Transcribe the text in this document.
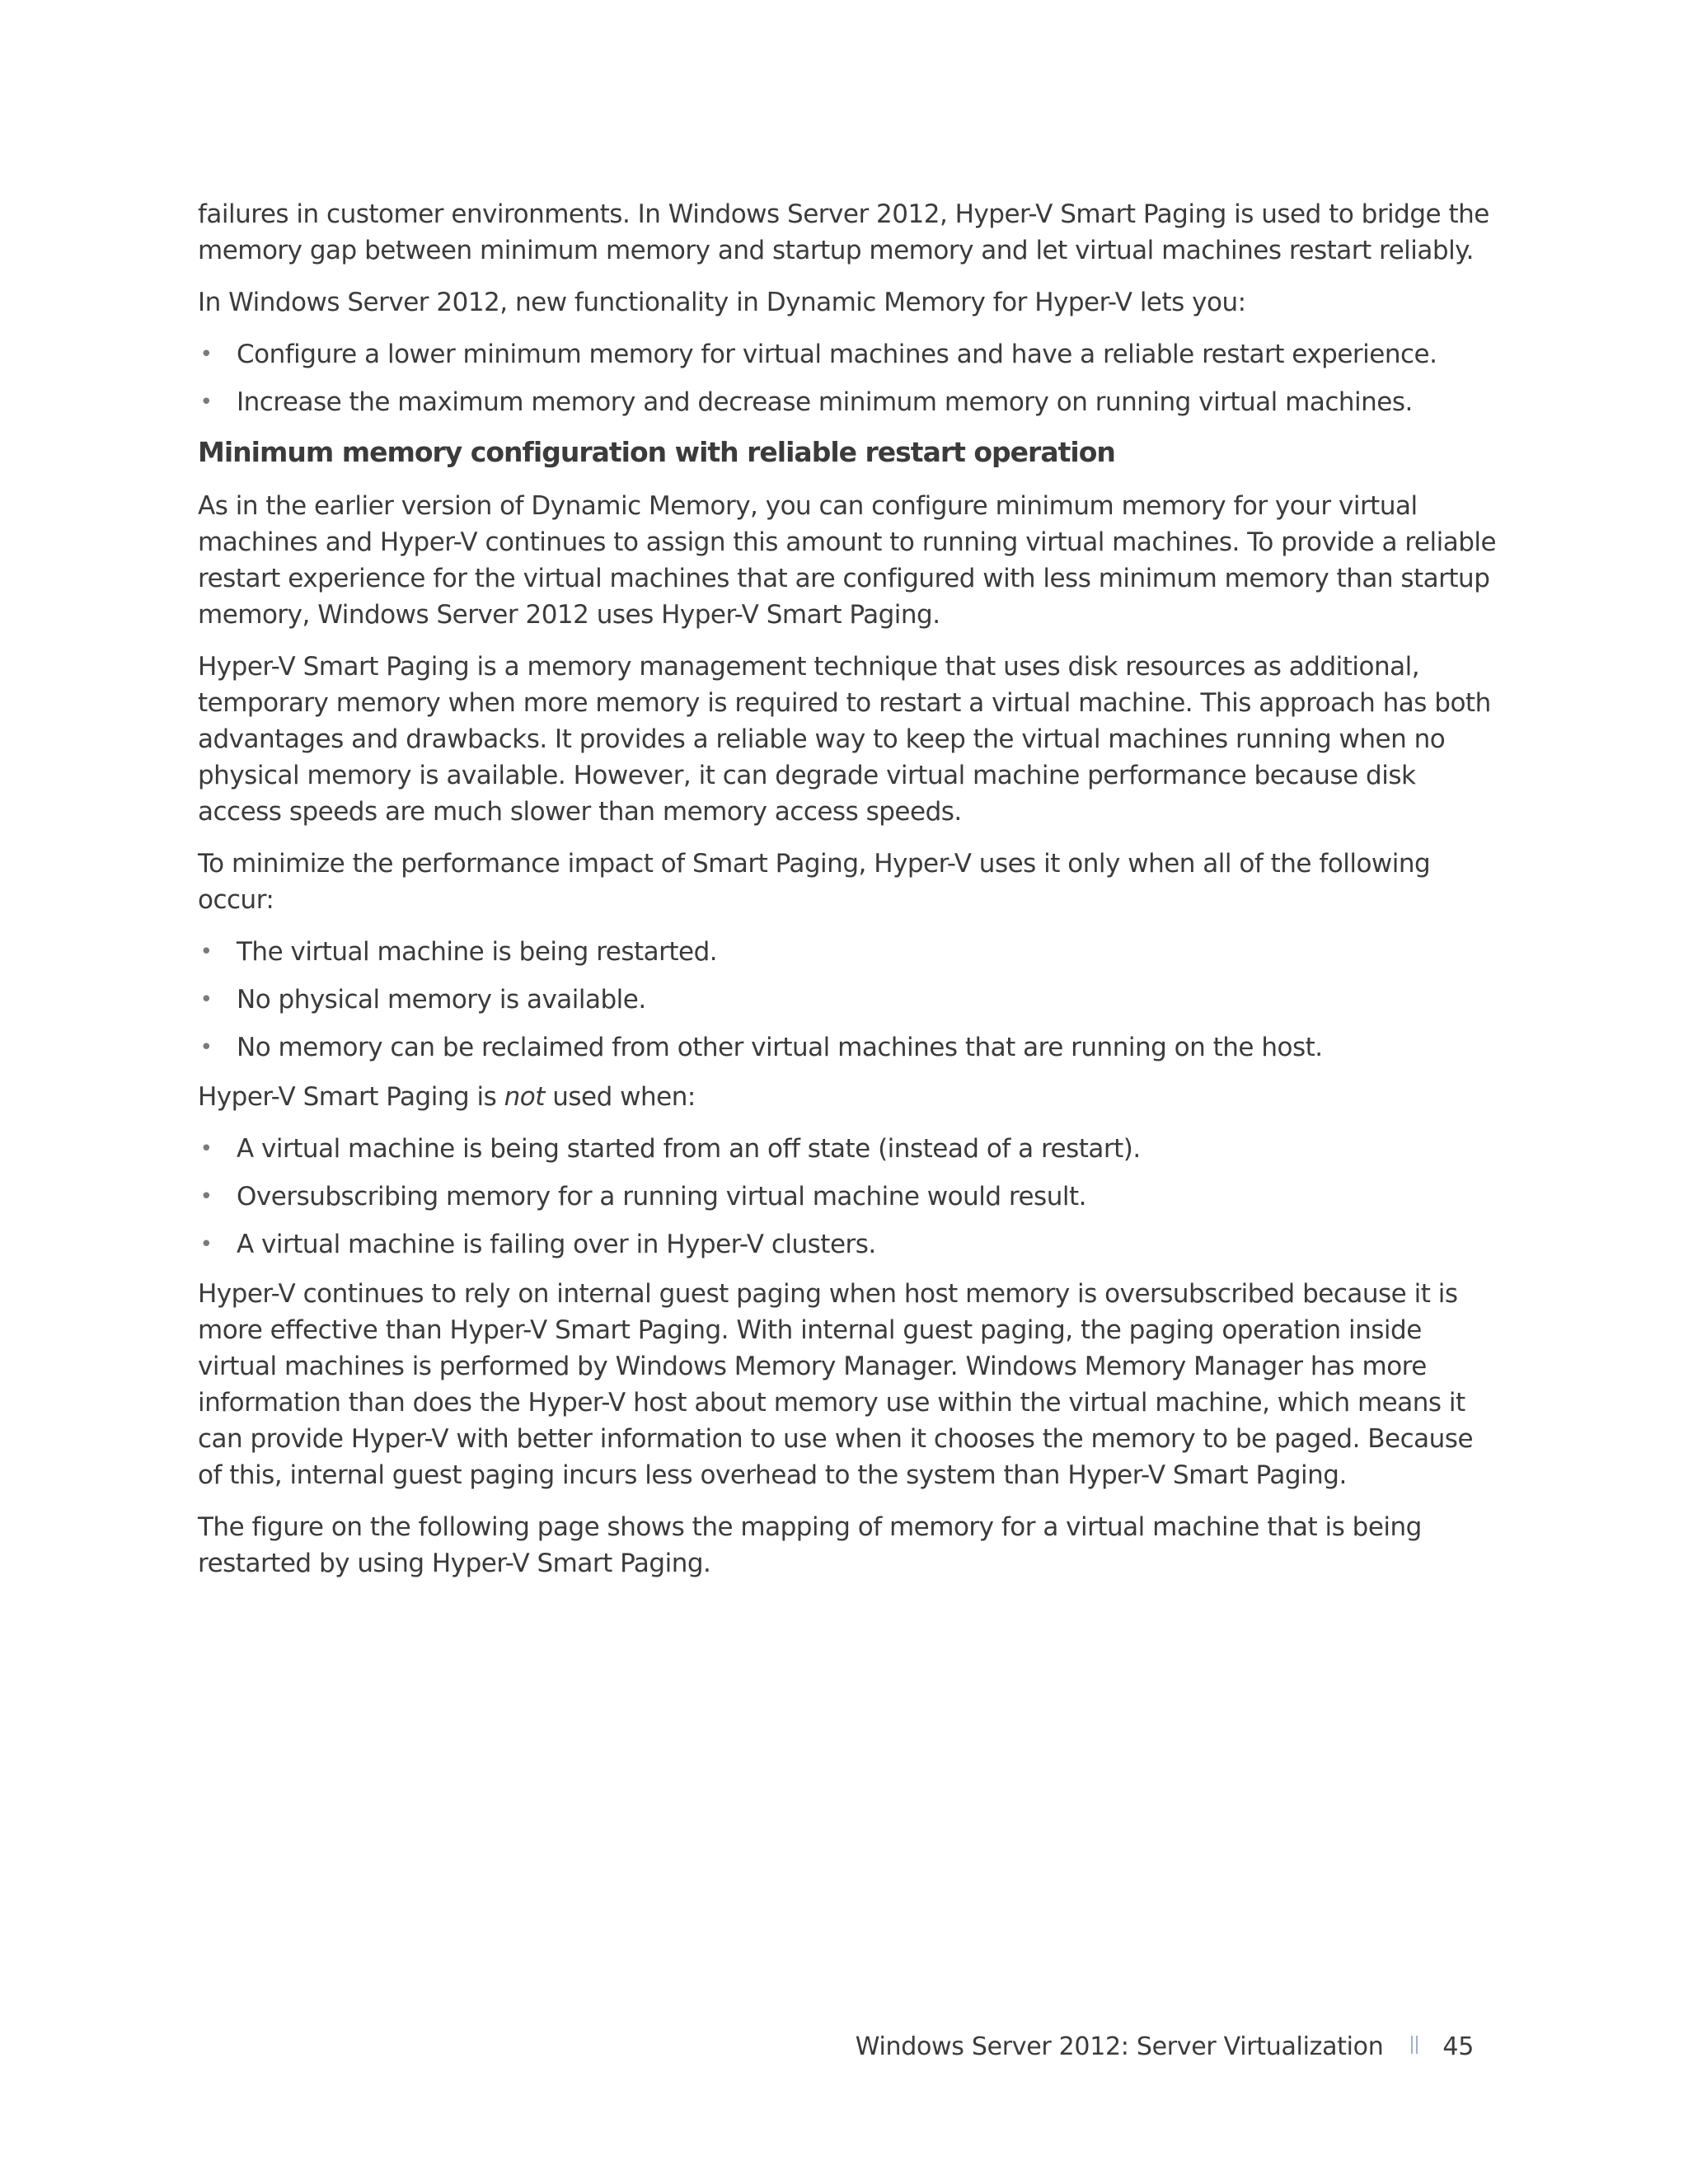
failures in customer environments. In Windows Server 2012, Hyper-V Smart Paging is used to bridge the memory gap between minimum memory and startup memory and let virtual machines restart reliably.

In Windows Server 2012, new functionality in Dynamic Memory for Hyper-V lets you:

• Configure a lower minimum memory for virtual machines and have a reliable restart experience.
• Increase the maximum memory and decrease minimum memory on running virtual machines.
Minimum memory configuration with reliable restart operation

As in the earlier version of Dynamic Memory, you can configure minimum memory for your virtual machines and Hyper-V continues to assign this amount to running virtual machines. To provide a reliable restart experience for the virtual machines that are configured with less minimum memory than startup memory, Windows Server 2012 uses Hyper-V Smart Paging.

Hyper-V Smart Paging is a memory management technique that uses disk resources as additional, temporary memory when more memory is required to restart a virtual machine. This approach has both advantages and drawbacks. It provides a reliable way to keep the virtual machines running when no physical memory is available. However, it can degrade virtual machine performance because disk access speeds are much slower than memory access speeds.

To minimize the performance impact of Smart Paging, Hyper-V uses it only when all of the following occur:

• The virtual machine is being restarted.
• No physical memory is available.
• No memory can be reclaimed from other virtual machines that are running on the host.

Hyper-V Smart Paging is not used when:

• A virtual machine is being started from an off state (instead of a restart).
• Oversubscribing memory for a running virtual machine would result.
• A virtual machine is failing over in Hyper-V clusters.

Hyper-V continues to rely on internal guest paging when host memory is oversubscribed because it is more effective than Hyper-V Smart Paging. With internal guest paging, the paging operation inside virtual machines is performed by Windows Memory Manager. Windows Memory Manager has more information than does the Hyper-V host about memory use within the virtual machine, which means it can provide Hyper-V with better information to use when it chooses the memory to be paged. Because of this, internal guest paging incurs less overhead to the system than Hyper-V Smart Paging.

The figure on the following page shows the mapping of memory for a virtual machine that is being restarted by using Hyper-V Smart Paging.

Windows Server 2012: Server Virtualization 45
